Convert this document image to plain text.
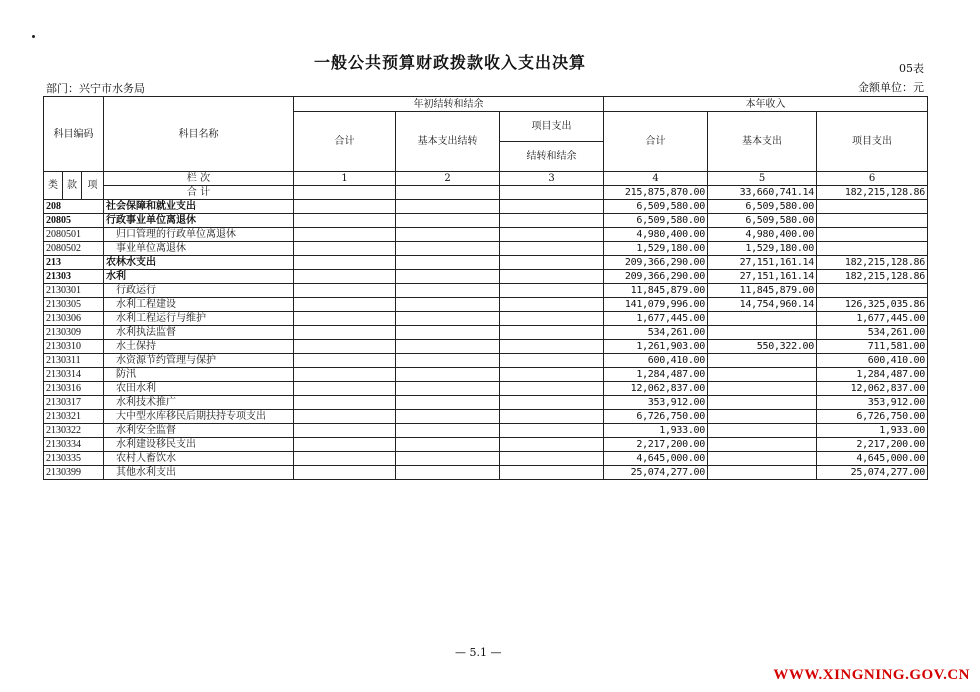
一般公共预算财政拨款收入支出决算	05表
部门：兴宁市水务局	金额单位：元
科目编码			科目名称	年初结转和结余			本年收入		
				合计	基本支出结转	项目支出	合计	基本支出	项目支出
						结转和结余			
类	款	项	栏 次	1	2	3	4	5	6
			合 计				215,875,870.00	33,660,741.14	182,215,128.86
208			社会保障和就业支出				6,509,580.00	6,509,580.00	
20805			行政事业单位离退休				6,509,580.00	6,509,580.00	
2080501			归口管理的行政单位离退休				4,980,400.00	4,980,400.00	
2080502			事业单位离退休				1,529,180.00	1,529,180.00	
213			农林水支出				209,366,290.00	27,151,161.14	182,215,128.86
21303			水利				209,366,290.00	27,151,161.14	182,215,128.86
2130301			行政运行				11,845,879.00	11,845,879.00	
2130305			水利工程建设				141,079,996.00	14,754,960.14	126,325,035.86
2130306			水利工程运行与维护				1,677,445.00		1,677,445.00
2130309			水利执法监督				534,261.00		534,261.00
2130310			水土保持				1,261,903.00	550,322.00	711,581.00
2130311			水资源节约管理与保护				600,410.00		600,410.00
2130314			防汛				1,284,487.00		1,284,487.00
2130316			农田水利				12,062,837.00		12,062,837.00
2130317			水利技术推广				353,912.00		353,912.00
2130321			大中型水库移民后期扶持专项支出				6,726,750.00		6,726,750.00
2130322			水利安全监督				1,933.00		1,933.00
2130334			水利建设移民支出				2,217,200.00		2,217,200.00
2130335			农村人畜饮水				4,645,000.00		4,645,000.00
2130399			其他水利支出				25,074,277.00		25,074,277.00
— 5.1 —
WWW.XINGNING.GOV.CN
